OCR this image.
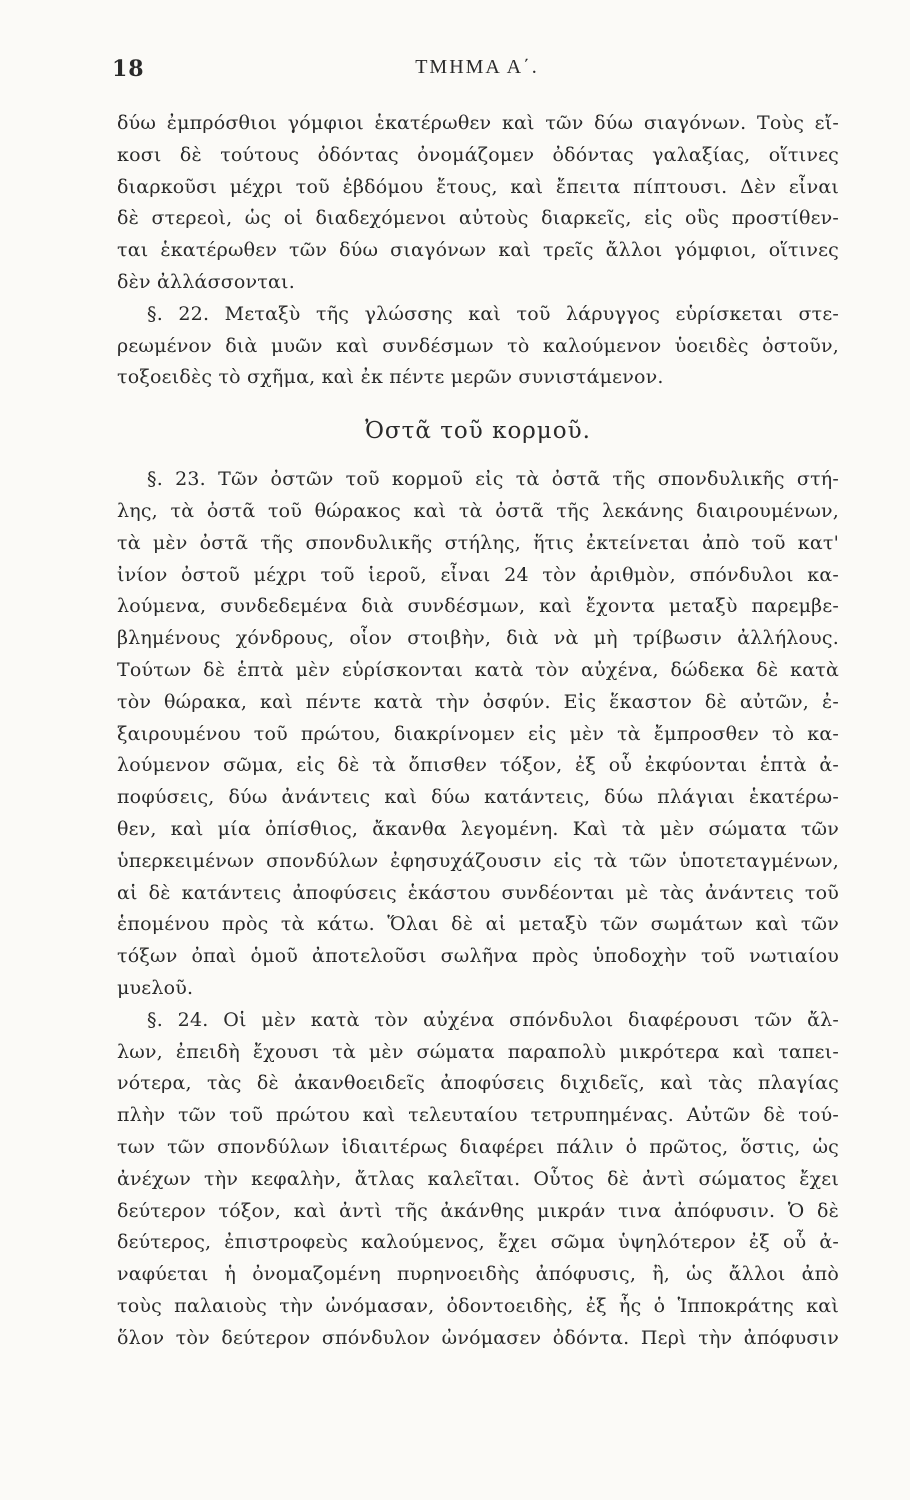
18	ΤΜΗΜΑ Α΄.
δύω ἐμπρόσθιοι γόμφιοι ἑκατέρωθεν καὶ τῶν δύω σιαγόνων. Τοὺς εἴ-
κοσι δὲ τούτους ὀδόντας ὀνομάζομεν ὀδόντας γαλαξίας, οἵτινες
διαρκοῦσι μέχρι τοῦ ἑβδόμου ἔτους, καὶ ἔπειτα πίπτουσι. Δὲν εἶναι
δὲ στερεοὶ, ὡς οἱ διαδεχόμενοι αὐτοὺς διαρκεῖς, εἰς οὓς προστίθεν-
ται ἑκατέρωθεν τῶν δύω σιαγόνων καὶ τρεῖς ἄλλοι γόμφιοι, οἵτινες
δὲν ἀλλάσσονται.
§. 22. Μεταξὺ τῆς γλώσσης καὶ τοῦ λάρυγγος εὑρίσκεται στε-
ρεωμένον διὰ μυῶν καὶ συνδέσμων τὸ καλούμενον ὑοειδὲς ὀστοῦν,
τοξοειδὲς τὸ σχῆμα, καὶ ἐκ πέντε μερῶν συνιστάμενον.
Ὀστᾶ τοῦ κορμοῦ.
§. 23. Τῶν ὀστῶν τοῦ κορμοῦ εἰς τὰ ὀστᾶ τῆς σπονδυλικῆς στή-
λης, τὰ ὀστᾶ τοῦ θώρακος καὶ τὰ ὀστᾶ τῆς λεκάνης διαιρουμένων,
τὰ μὲν ὀστᾶ τῆς σπονδυλικῆς στήλης, ἥτις ἐκτείνεται ἀπὸ τοῦ κατ'
ἰνίον ὀστοῦ μέχρι τοῦ ἱεροῦ, εἶναι 24 τὸν ἀριθμὸν, σπόνδυλοι κα-
λούμενα, συνδεδεμένα διὰ συνδέσμων, καὶ ἔχοντα μεταξὺ παρεμβε-
βλημένους χόνδρους, οἷον στοιβὴν, διὰ νὰ μὴ τρίβωσιν ἀλλήλους.
Τούτων δὲ ἑπτὰ μὲν εὑρίσκονται κατὰ τὸν αὐχένα, δώδεκα δὲ κατὰ
τὸν θώρακα, καὶ πέντε κατὰ τὴν ὀσφύν. Εἰς ἕκαστον δὲ αὐτῶν, ἐ-
ξαιρουμένου τοῦ πρώτου, διακρίνομεν εἰς μὲν τὰ ἔμπροσθεν τὸ κα-
λούμενον σῶμα, εἰς δὲ τὰ ὄπισθεν τόξον, ἐξ οὗ ἐκφύονται ἑπτὰ ἀ-
ποφύσεις, δύω ἀνάντεις καὶ δύω κατάντεις, δύω πλάγιαι ἑκατέρω-
θεν, καὶ μία ὀπίσθιος, ἄκανθα λεγομένη. Καὶ τὰ μὲν σώματα τῶν
ὑπερκειμένων σπονδύλων ἐφησυχάζουσιν εἰς τὰ τῶν ὑποτεταγμένων,
αἱ δὲ κατάντεις ἀποφύσεις ἑκάστου συνδέονται μὲ τὰς ἀνάντεις τοῦ
ἑπομένου πρὸς τὰ κάτω. Ὅλαι δὲ αἱ μεταξὺ τῶν σωμάτων καὶ τῶν
τόξων ὀπαὶ ὁμοῦ ἀποτελοῦσι σωλῆνα πρὸς ὑποδοχὴν τοῦ νωτιαίου
μυελοῦ.
§. 24. Οἱ μὲν κατὰ τὸν αὐχένα σπόνδυλοι διαφέρουσι τῶν ἄλ-
λων, ἐπειδὴ ἔχουσι τὰ μὲν σώματα παραπολὺ μικρότερα καὶ ταπει-
νότερα, τὰς δὲ ἀκανθοειδεῖς ἀποφύσεις διχιδεῖς, καὶ τὰς πλαγίας
πλὴν τῶν τοῦ πρώτου καὶ τελευταίου τετρυπημένας. Αὐτῶν δὲ τού-
των τῶν σπονδύλων ἰδιαιτέρως διαφέρει πάλιν ὁ πρῶτος, ὅστις, ὡς
ἀνέχων τὴν κεφαλὴν, ἄτλας καλεῖται. Οὗτος δὲ ἀντὶ σώματος ἔχει
δεύτερον τόξον, καὶ ἀντὶ τῆς ἀκάνθης μικράν τινα ἀπόφυσιν. Ὁ δὲ
δεύτερος, ἐπιστροφεὺς καλούμενος, ἔχει σῶμα ὑψηλότερον ἐξ οὗ ἀ-
ναφύεται ἡ ὀνομαζομένη πυρηνοειδὴς ἀπόφυσις, ἢ, ὡς ἄλλοι ἀπὸ
τοὺς παλαιοὺς τὴν ὠνόμασαν, ὀδοντοειδὴς, ἐξ ἧς ὁ Ἱπποκράτης καὶ
ὅλον τὸν δεύτερον σπόνδυλον ὠνόμασεν ὀδόντα. Περὶ τὴν ἀπόφυσιν
